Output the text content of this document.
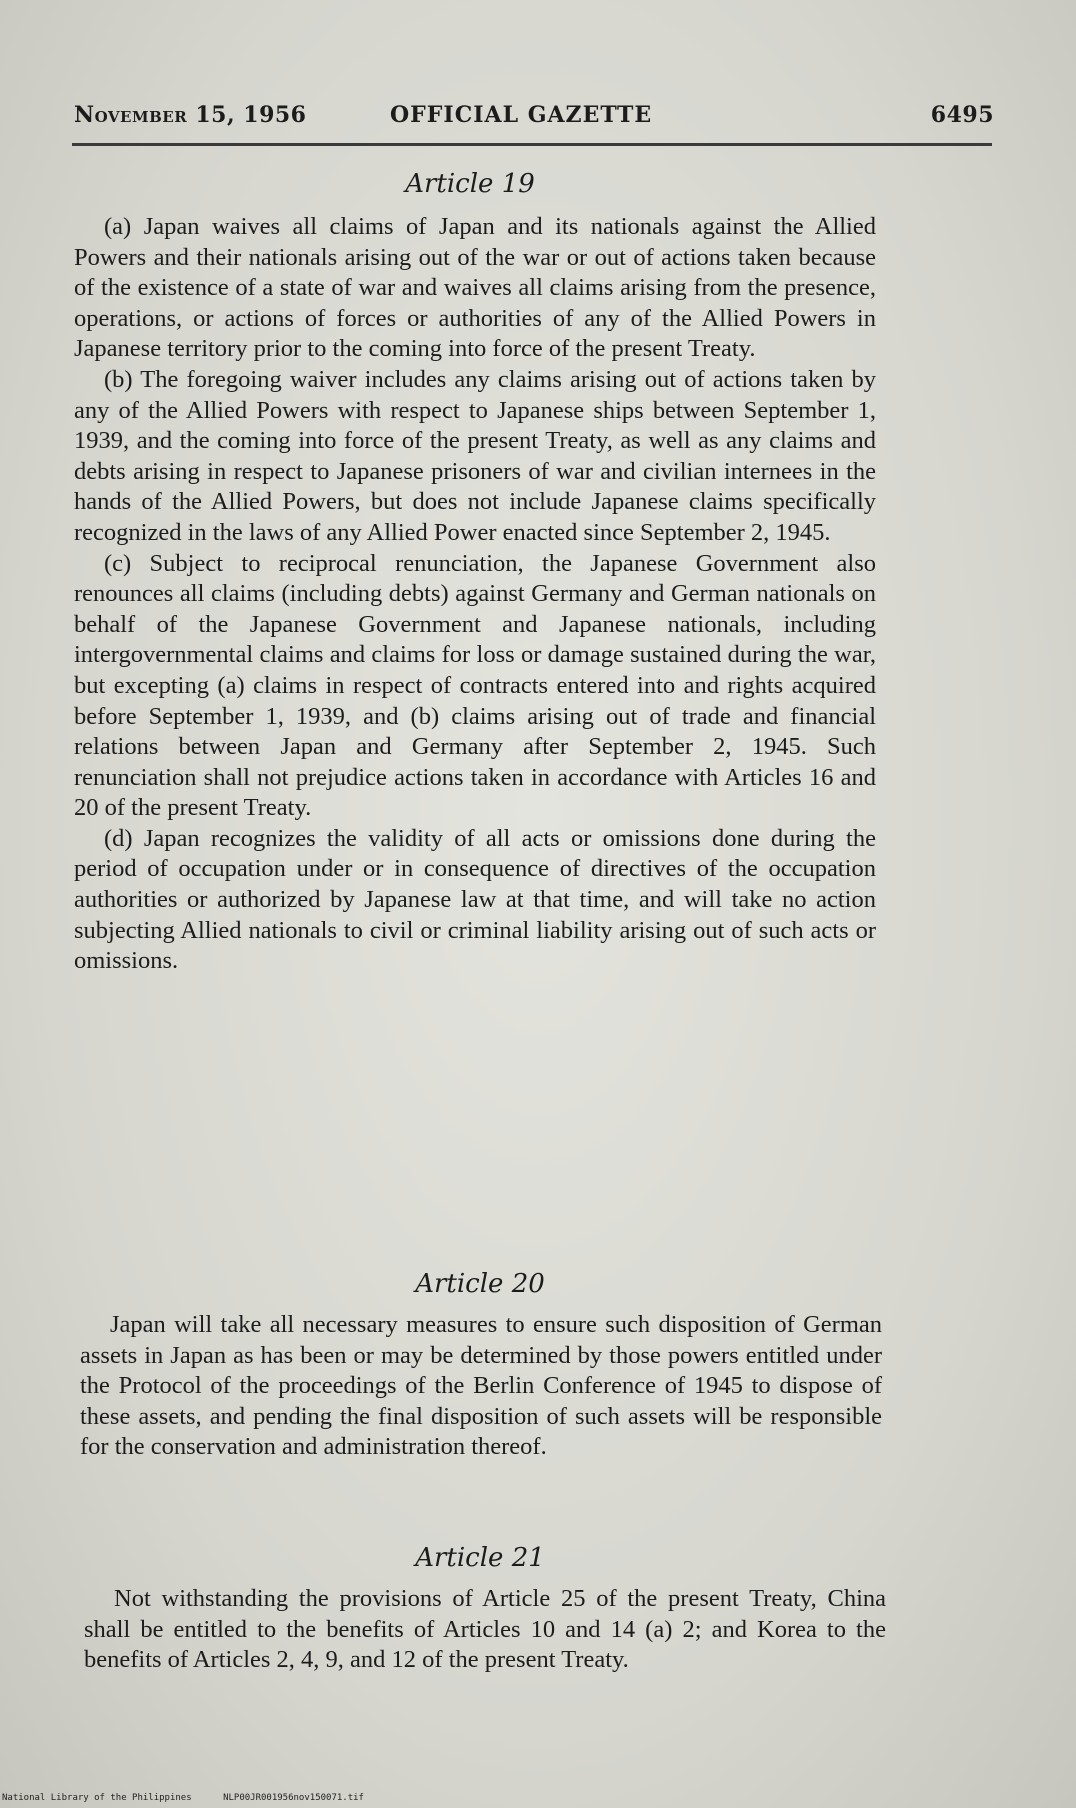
November 15, 1956	OFFICIAL GAZETTE	6495
Article 19

(a) Japan waives all claims of Japan and its nationals against the Allied Powers and their nationals arising out of the war or out of actions taken because of the existence of a state of war and waives all claims arising from the presence, operations, or actions of forces or authorities of any of the Allied Powers in Japanese territory prior to the coming into force of the present Treaty.

(b) The foregoing waiver includes any claims arising out of actions taken by any of the Allied Powers with respect to Japanese ships between September 1, 1939, and the coming into force of the present Treaty, as well as any claims and debts arising in respect to Japanese prisoners of war and civilian internees in the hands of the Allied Powers, but does not include Japanese claims specifically recognized in the laws of any Allied Power enacted since September 2, 1945.

(c) Subject to reciprocal renunciation, the Japanese Government also renounces all claims (including debts) against Germany and German nationals on behalf of the Japanese Government and Japanese nationals, including intergovernmental claims and claims for loss or damage sustained during the war, but excepting (a) claims in respect of contracts entered into and rights acquired before September 1, 1939, and (b) claims arising out of trade and financial relations between Japan and Germany after September 2, 1945. Such renunciation shall not prejudice actions taken in accordance with Articles 16 and 20 of the present Treaty.

(d) Japan recognizes the validity of all acts or omissions done during the period of occupation under or in consequence of directives of the occupation authorities or authorized by Japanese law at that time, and will take no action subjecting Allied nationals to civil or criminal liability arising out of such acts or omissions.

Article 20

Japan will take all necessary measures to ensure such disposition of German assets in Japan as has been or may be determined by those powers entitled under the Protocol of the proceedings of the Berlin Conference of 1945 to dispose of these assets, and pending the final disposition of such assets will be responsible for the conservation and administration thereof.

Article 21

Not withstanding the provisions of Article 25 of the present Treaty, China shall be entitled to the benefits of Articles 10 and 14 (a) 2; and Korea to the benefits of Articles 2, 4, 9, and 12 of the present Treaty.

National Library of the Philippines	NLP00JR001956nov150071.tif
